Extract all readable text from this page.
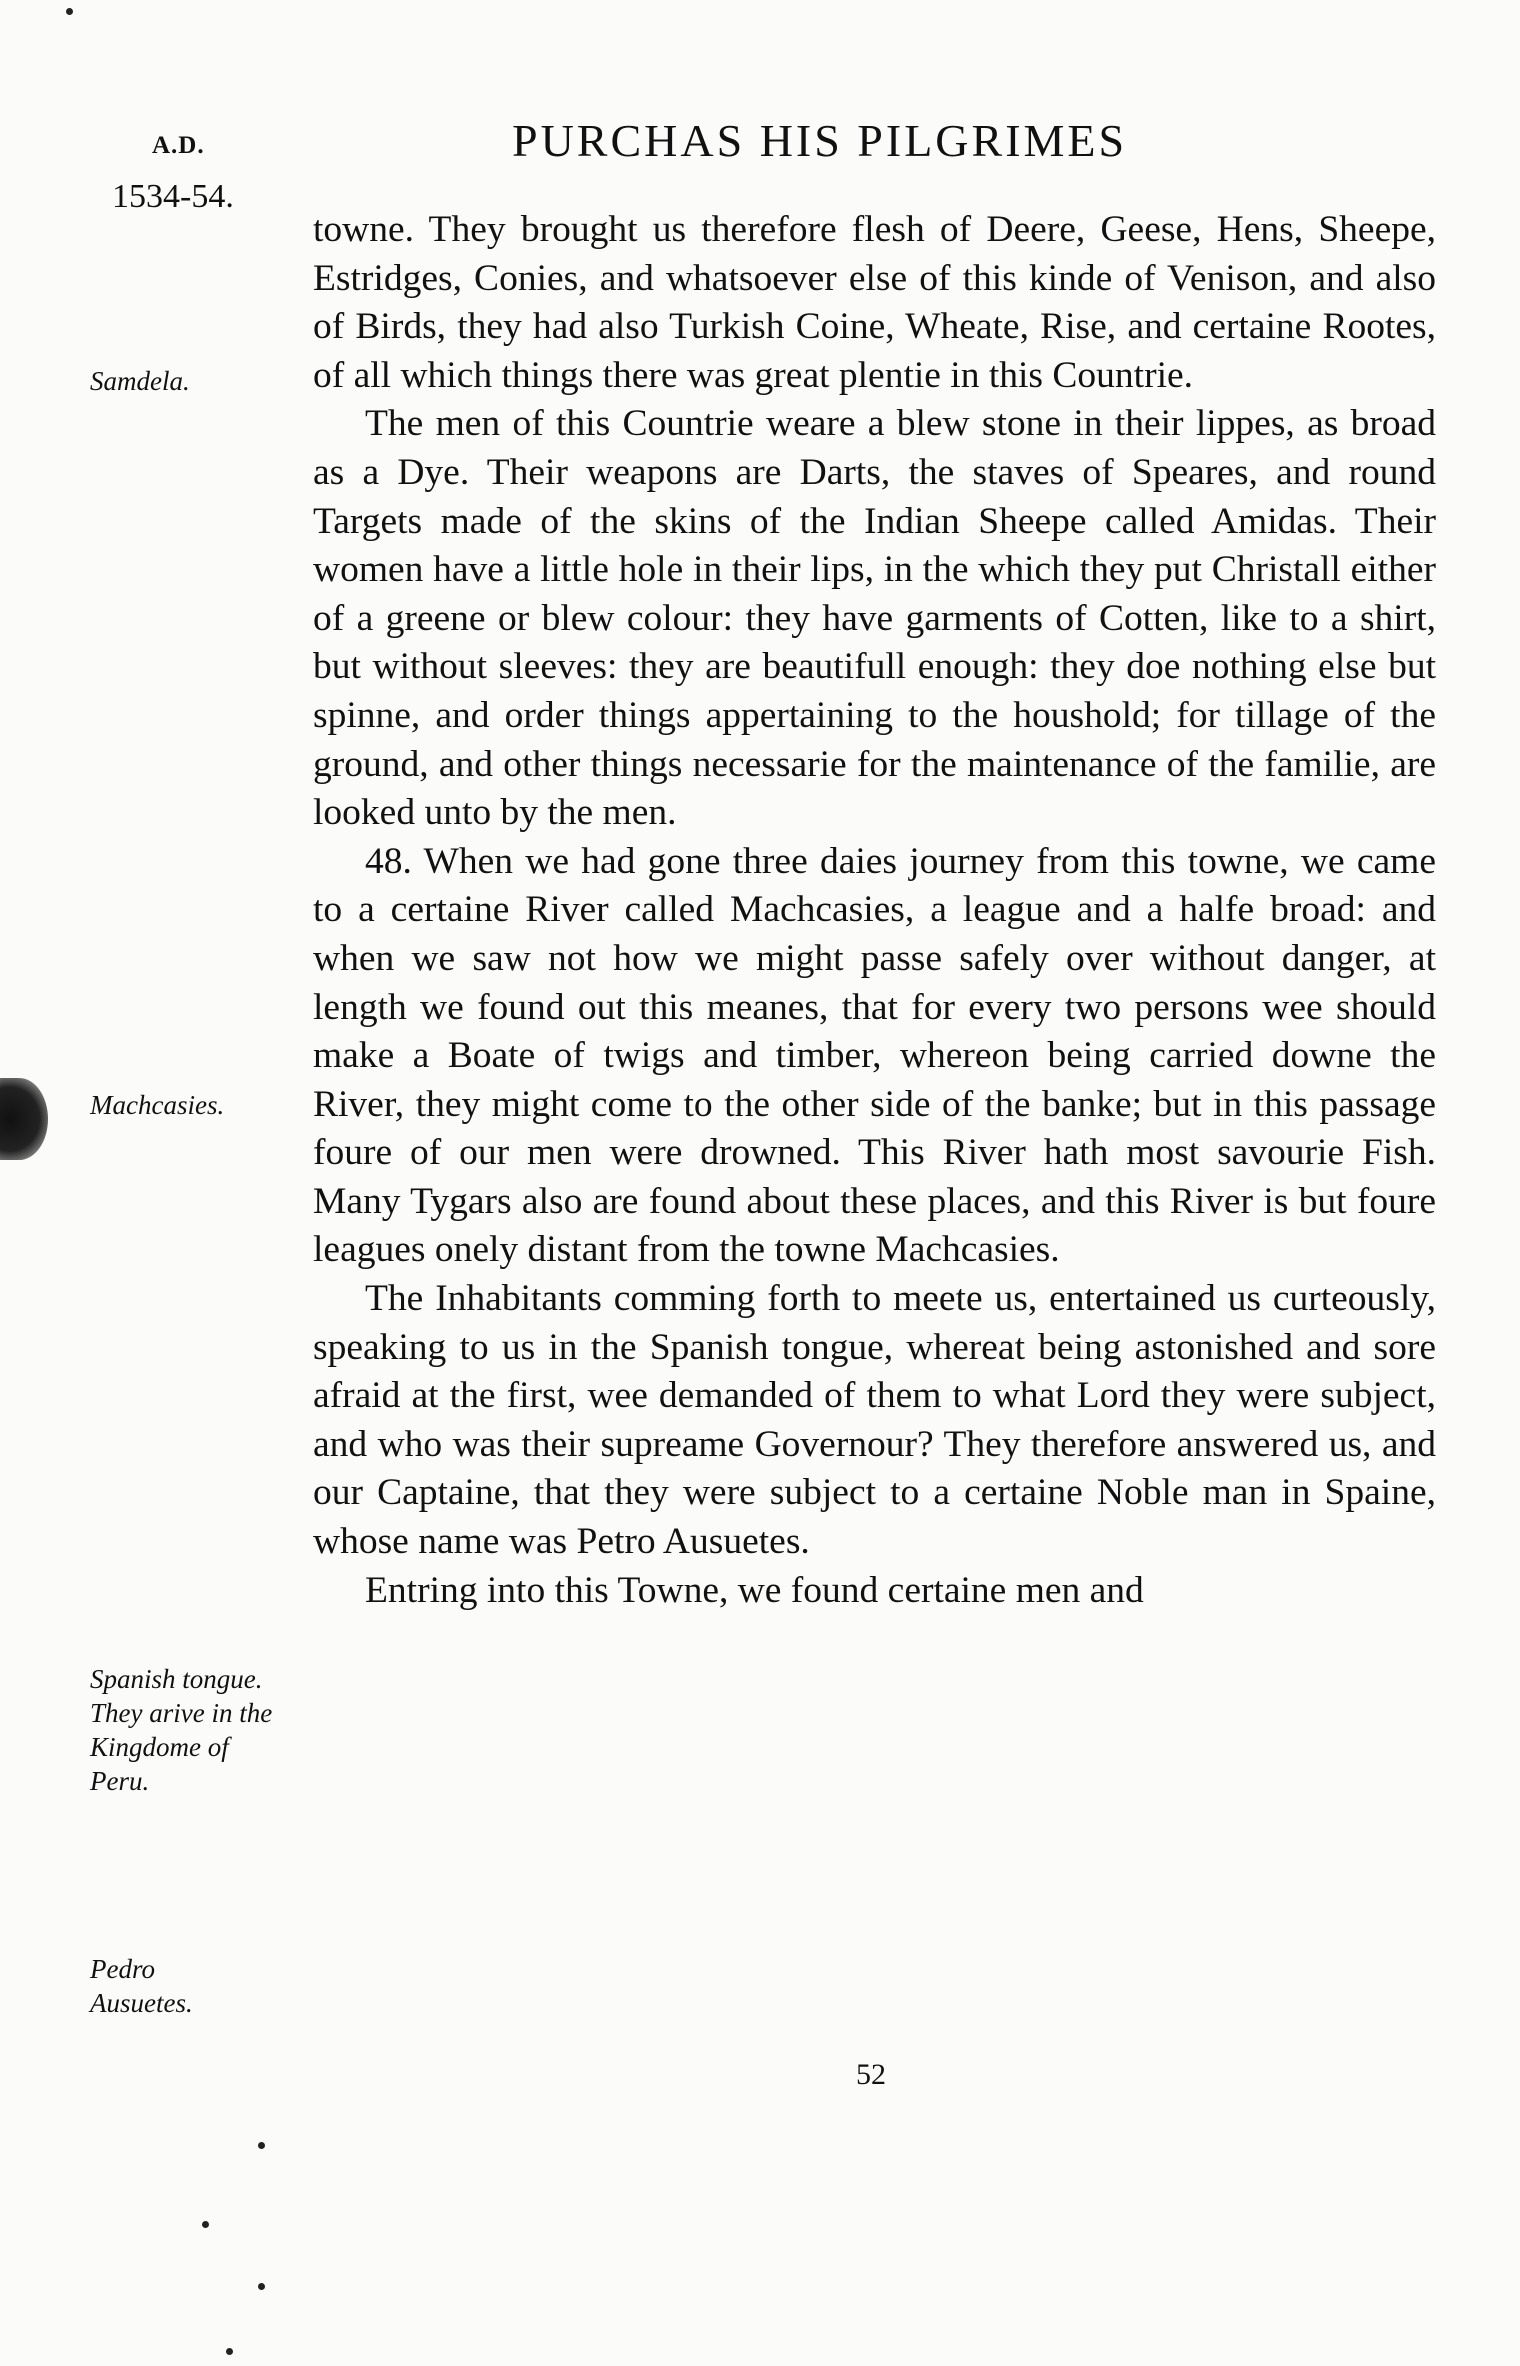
A.D.
1534-54.
PURCHAS HIS PILGRIMES

towne. They brought us therefore flesh of Deere, Geese, Hens, Sheepe, Estridges, Conies, and whatsoever else of this kinde of Venison, and also of Birds, they had also Turkish Coine, Wheate, Rise, and certaine Rootes, of all which things there was great plentie in this Countrie.

The men of this Countrie weare a blew stone in their lippes, as broad as a Dye. Their weapons are Darts, the staves of Speares, and round Targets made of the skins of the Indian Sheepe called Amidas. Their women have a little hole in their lips, in the which they put Christall either of a greene or blew colour: they have garments of Cotten, like to a shirt, but without sleeves: they are beautifull enough: they doe nothing else but spinne, and order things appertaining to the houshold; for tillage of the ground, and other things necessarie for the maintenance of the familie, are looked unto by the men.

48. When we had gone three daies journey from this towne, we came to a certaine River called Machcasies, a league and a halfe broad: and when we saw not how we might passe safely over without danger, at length we found out this meanes, that for every two persons wee should make a Boate of twigs and timber, whereon being carried downe the River, they might come to the other side of the banke; but in this passage foure of our men were drowned. This River hath most savourie Fish. Many Tygars also are found about these places, and this River is but foure leagues onely distant from the towne Machcasies.

The Inhabitants comming forth to meete us, entertained us curteously, speaking to us in the Spanish tongue, whereat being astonished and sore afraid at the first, wee demanded of them to what Lord they were subject, and who was their supreame Governour? They therefore answered us, and our Captaine, that they were subject to a certaine Noble man in Spaine, whose name was Petro Ausuetes.

Entring into this Towne, we found certaine men and

Samdela.
Machcasies.
Spanish tongue. They arive in the Kingdome of Peru.
Pedro Ausuetes.
52
